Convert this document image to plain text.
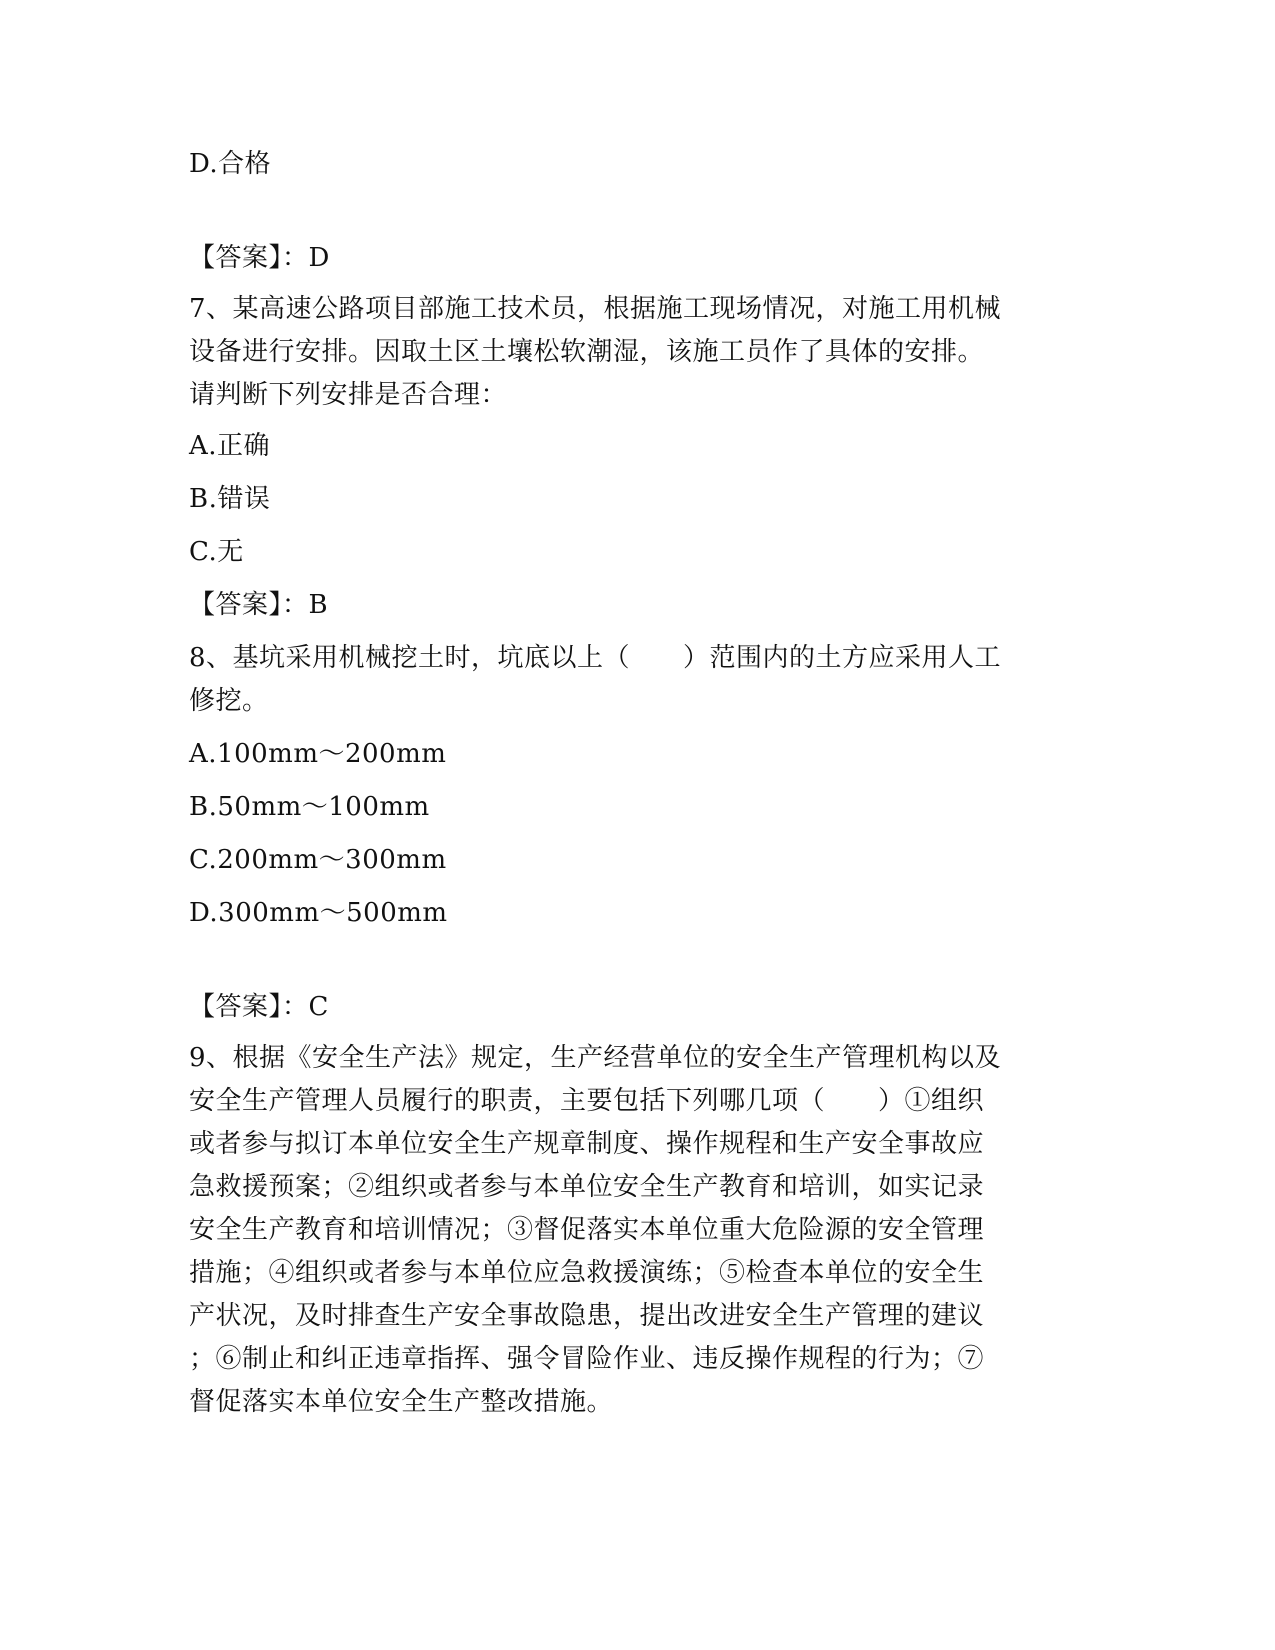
D.合格

【答案】：D

7、某高速公路项目部施工技术员，根据施工现场情况，对施工用机械
设备进行安排。因取土区土壤松软潮湿，该施工员作了具体的安排。
请判断下列安排是否合理：

A.正确

B.错误

C.无

【答案】：B

8、基坑采用机械挖土时，坑底以上（　　）范围内的土方应采用人工
修挖。

A.100mm～200mm

B.50mm～100mm

C.200mm～300mm

D.300mm～500mm

【答案】：C

9、根据《安全生产法》规定，生产经营单位的安全生产管理机构以及
安全生产管理人员履行的职责，主要包括下列哪几项（　　）①组织
或者参与拟订本单位安全生产规章制度、操作规程和生产安全事故应
急救援预案；②组织或者参与本单位安全生产教育和培训，如实记录
安全生产教育和培训情况；③督促落实本单位重大危险源的安全管理
措施；④组织或者参与本单位应急救援演练；⑤检查本单位的安全生
产状况，及时排查生产安全事故隐患，提出改进安全生产管理的建议
；⑥制止和纠正违章指挥、强令冒险作业、违反操作规程的行为；⑦
督促落实本单位安全生产整改措施。
